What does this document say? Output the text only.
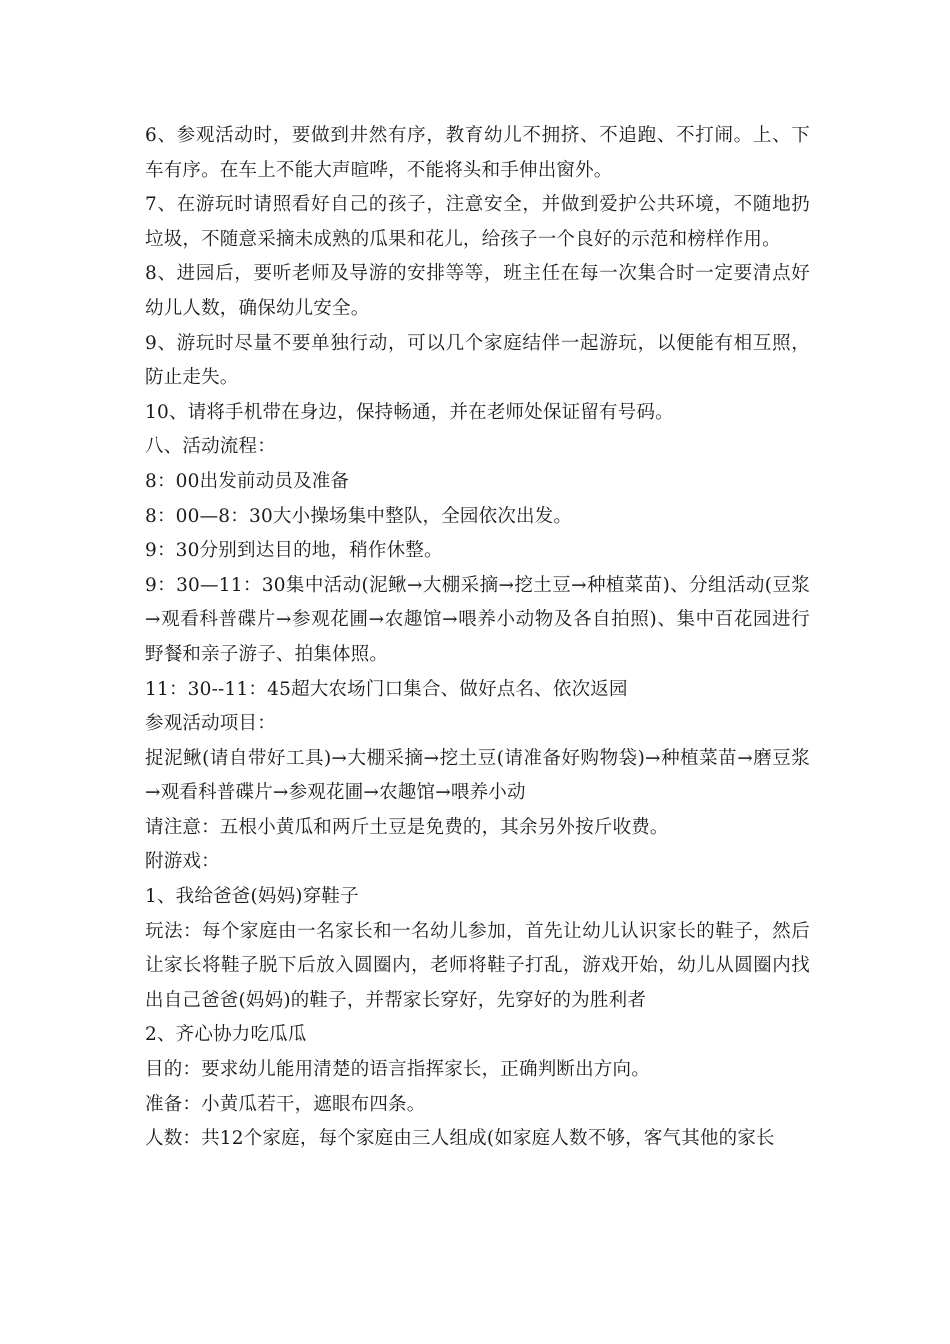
6、参观活动时，要做到井然有序，教育幼儿不拥挤、不追跑、不打闹。上、下车有序。在车上不能大声暄哗，不能将头和手伸出窗外。

7、在游玩时请照看好自己的孩子，注意安全，并做到爱护公共环境，不随地扔垃圾，不随意采摘未成熟的瓜果和花儿，给孩子一个良好的示范和榜样作用。

8、进园后，要听老师及导游的安排等等，班主任在每一次集合时一定要清点好幼儿人数，确保幼儿安全。

9、游玩时尽量不要单独行动，可以几个家庭结伴一起游玩，以便能有相互照，防止走失。

10、请将手机带在身边，保持畅通，并在老师处保证留有号码。

八、活动流程：

8：00出发前动员及准备

8：00—8：30大小操场集中整队，全园依次出发。

9：30分别到达目的地，稍作休整。

9：30—11：30集中活动(泥鳅→大棚采摘→挖土豆→种植菜苗)、分组活动(豆浆→观看科普碟片→参观花圃→农趣馆→喂养小动物及各自拍照)、集中百花园进行野餐和亲子游子、拍集体照。

11：30--11：45超大农场门口集合、做好点名、依次返园

参观活动项目：

捉泥鳅(请自带好工具)→大棚采摘→挖土豆(请准备好购物袋)→种植菜苗→磨豆浆→观看科普碟片→参观花圃→农趣馆→喂养小动

请注意：五根小黄瓜和两斤土豆是免费的，其余另外按斤收费。

附游戏：

1、我给爸爸(妈妈)穿鞋子

玩法：每个家庭由一名家长和一名幼儿参加，首先让幼儿认识家长的鞋子，然后让家长将鞋子脱下后放入圆圈内，老师将鞋子打乱，游戏开始，幼儿从圆圈内找出自己爸爸(妈妈)的鞋子，并帮家长穿好，先穿好的为胜利者

2、齐心协力吃瓜瓜

目的：要求幼儿能用清楚的语言指挥家长，正确判断出方向。

准备：小黄瓜若干，遮眼布四条。

人数：共12个家庭，每个家庭由三人组成(如家庭人数不够，客气其他的家长
